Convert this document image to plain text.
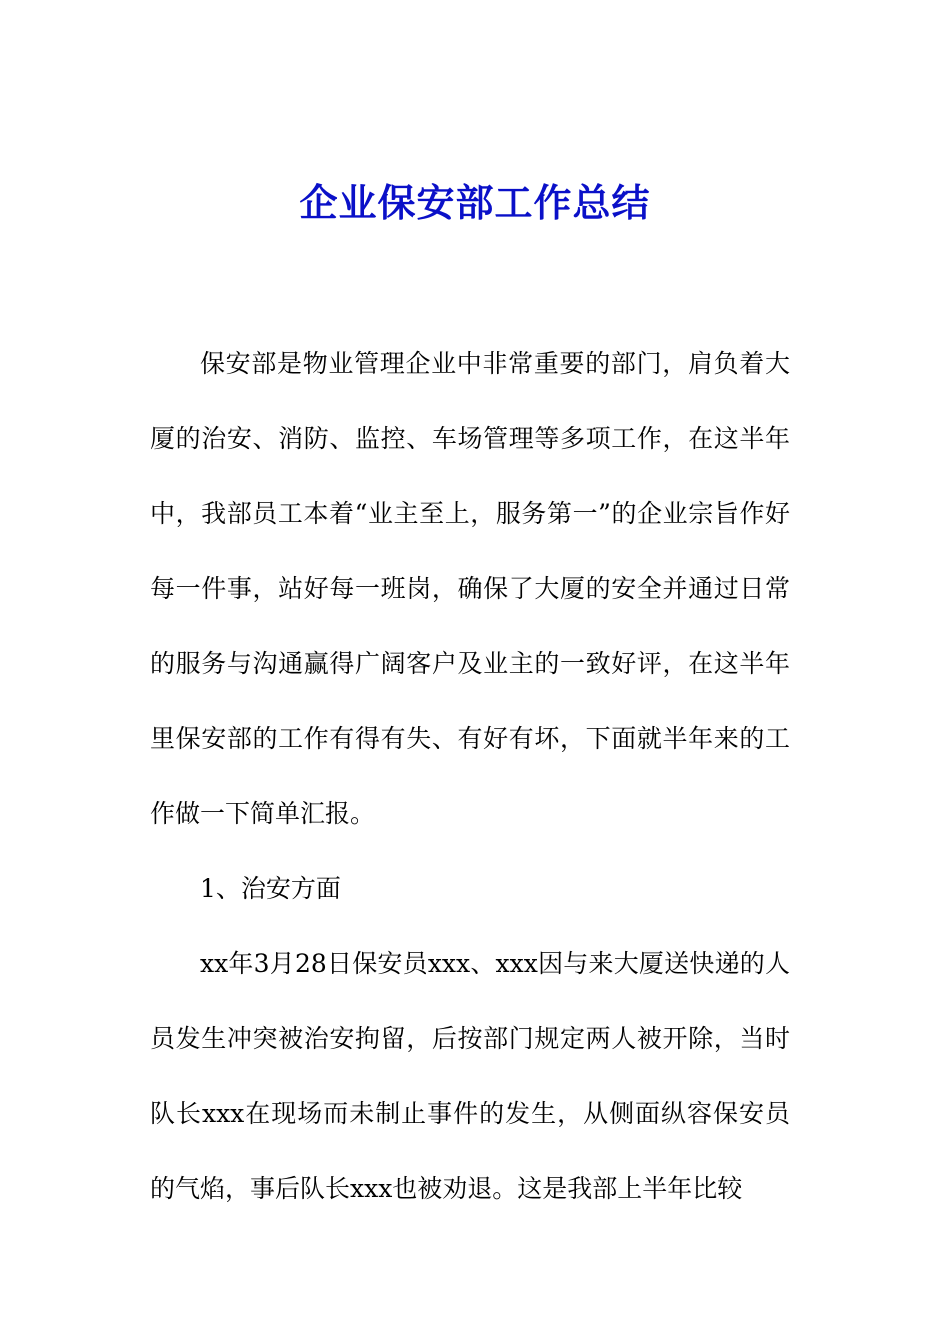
企业保安部工作总结

保安部是物业管理企业中非常重要的部门，肩负着大厦的治安、消防、监控、车场管理等多项工作，在这半年中，我部员工本着“业主至上，服务第一”的企业宗旨作好每一件事，站好每一班岗，确保了大厦的安全并通过日常的服务与沟通赢得广阔客户及业主的一致好评，在这半年里保安部的工作有得有失、有好有坏，下面就半年来的工作做一下简单汇报。

1、治安方面

xx年3月28日保安员xxx、xxx因与来大厦送快递的人员发生冲突被治安拘留，后按部门规定两人被开除，当时队长xxx在现场而未制止事件的发生，从侧面纵容保安员的气焰，事后队长xxx也被劝退。这是我部上半年比较
